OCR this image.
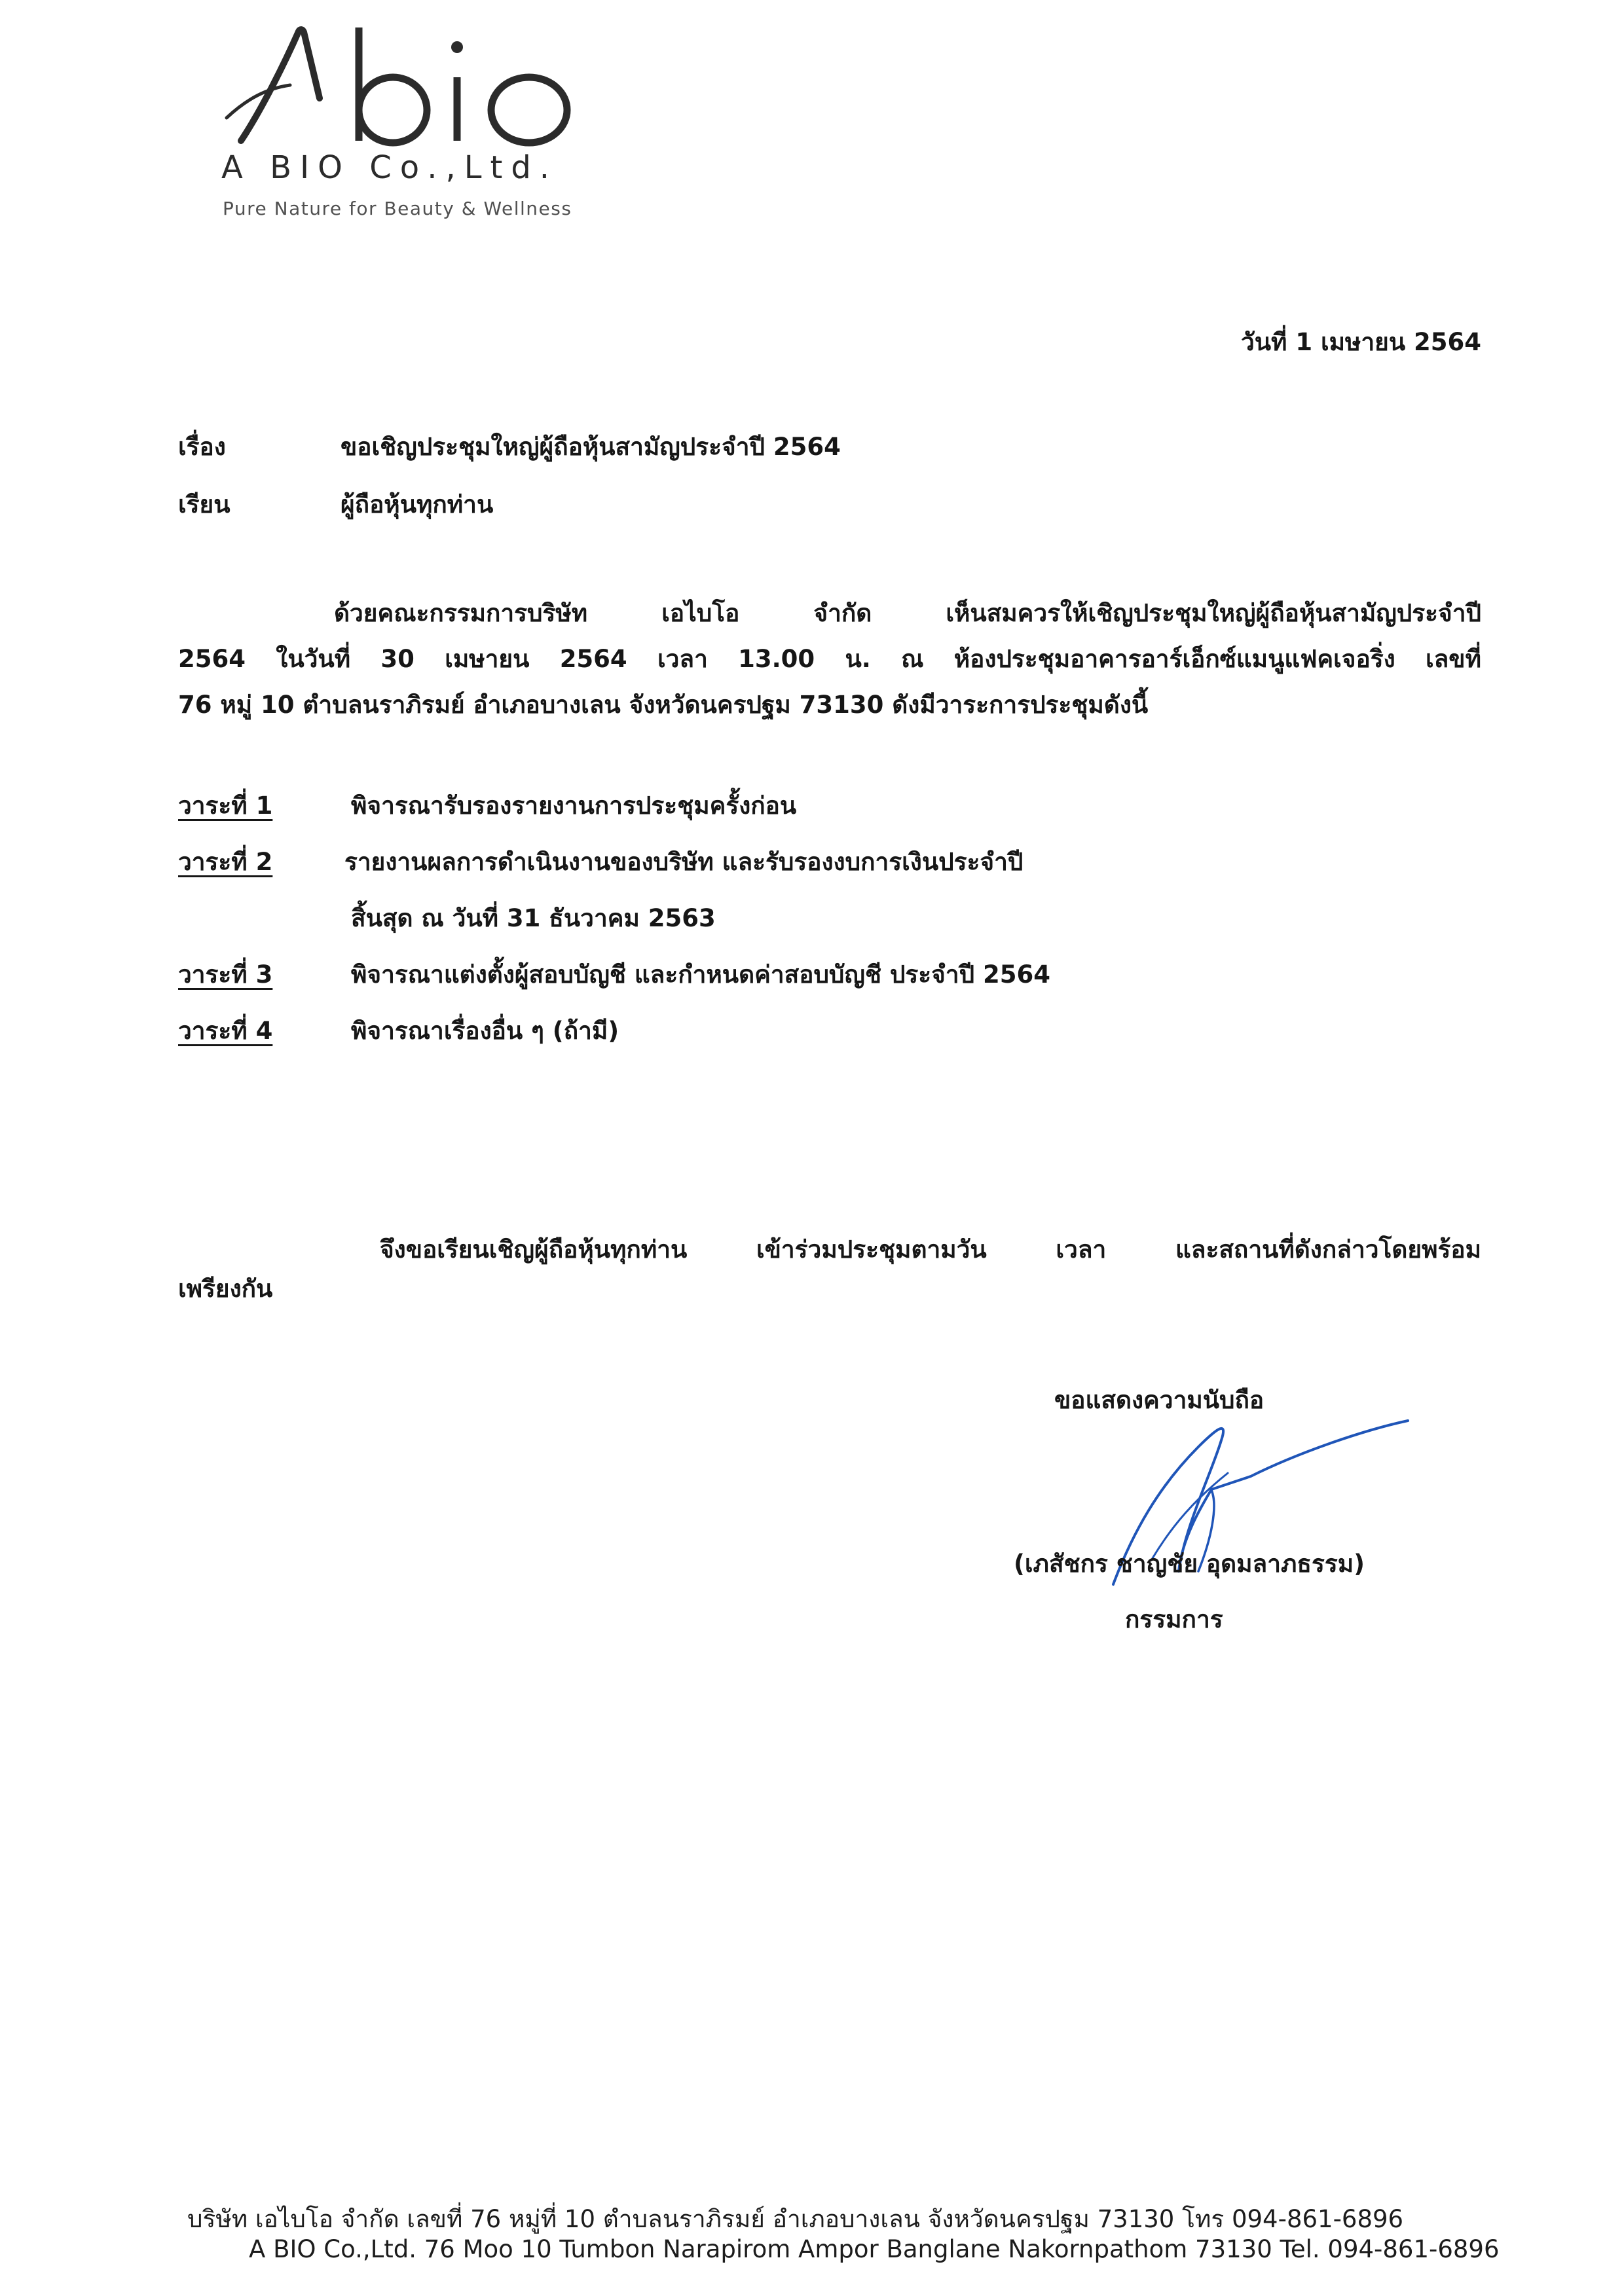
A BIO Co.,Ltd.
Pure Nature for Beauty & Wellness
วันที่ 1 เมษายน 2564
เรื่อง	ขอเชิญประชุมใหญ่ผู้ถือหุ้นสามัญประจำปี 2564
เรียน	ผู้ถือหุ้นทุกท่าน
ด้วยคณะกรรมการบริษัท	เอไบโอ	จำกัด	เห็นสมควรให้เชิญประชุมใหญ่ผู้ถือหุ้นสามัญประจำปี
2564 ในวันที่ 30 เมษายน 2564 เวลา 13.00 น. ณ ห้องประชุมอาคารอาร์เอ็กซ์แมนูแฟคเจอริ่ง เลขที่
76 หมู่ 10 ตำบลนราภิรมย์ อำเภอบางเลน จังหวัดนครปฐม 73130 ดังมีวาระการประชุมดังนี้
วาระที่ 1	พิจารณารับรองรายงานการประชุมครั้งก่อน
วาระที่ 2	รายงานผลการดำเนินงานของบริษัท และรับรองงบการเงินประจำปี
สิ้นสุด ณ วันที่ 31 ธันวาคม 2563
วาระที่ 3	พิจารณาแต่งตั้งผู้สอบบัญชี และกำหนดค่าสอบบัญชี ประจำปี 2564
วาระที่ 4	พิจารณาเรื่องอื่น ๆ (ถ้ามี)
จึงขอเรียนเชิญผู้ถือหุ้นทุกท่าน	เข้าร่วมประชุมตามวัน	เวลา	และสถานที่ดังกล่าวโดยพร้อม
เพรียงกัน
ขอแสดงความนับถือ
(เภสัชกร ชาญชัย อุดมลาภธรรม)
กรรมการ
บริษัท เอไบโอ จำกัด เลขที่ 76 หมู่ที่ 10 ตำบลนราภิรมย์ อำเภอบางเลน จังหวัดนครปฐม 73130 โทร 094-861-6896
A BIO Co.,Ltd. 76 Moo 10 Tumbon Narapirom Ampor Banglane Nakornpathom 73130 Tel. 094-861-6896
